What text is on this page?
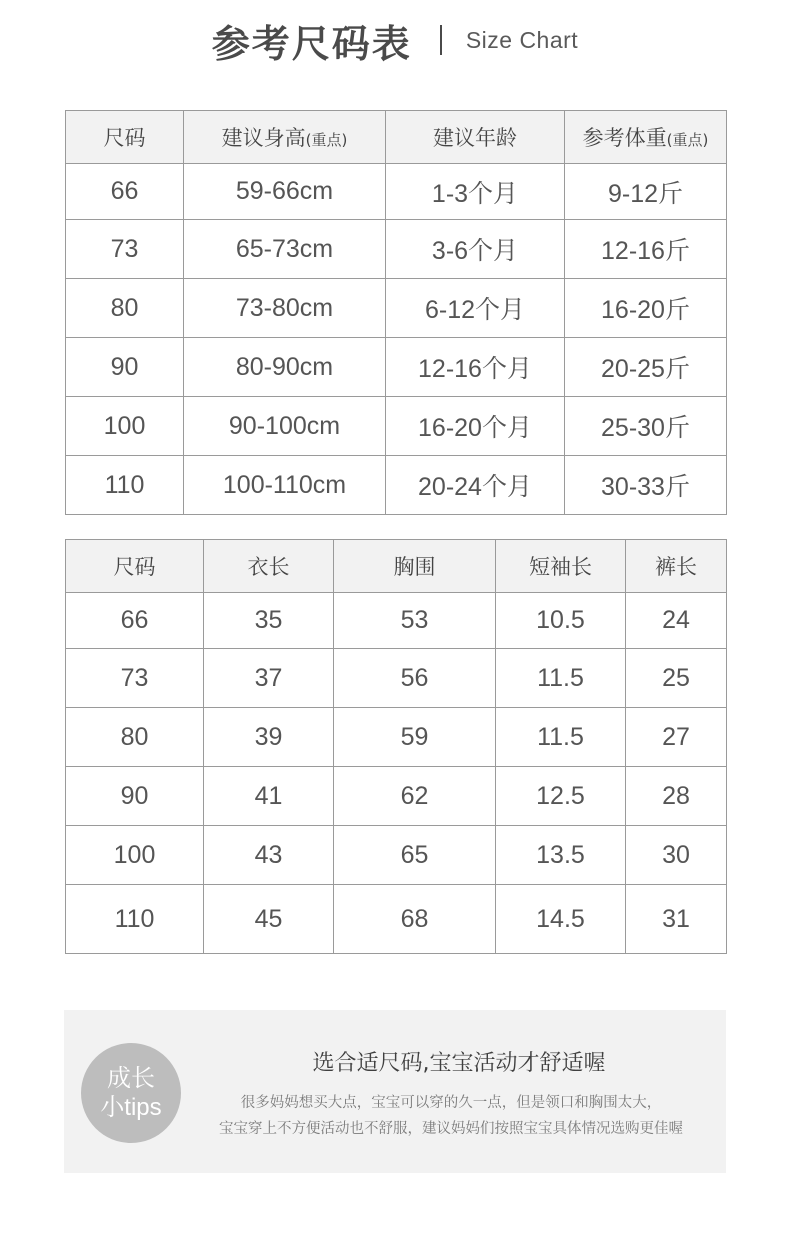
参考尺码表 Size Chart
尺码	建议身高(重点)	建议年龄	参考体重(重点)
66	59-66cm	1-3个月	9-12斤
73	65-73cm	3-6个月	12-16斤
80	73-80cm	6-12个月	16-20斤
90	80-90cm	12-16个月	20-25斤
100	90-100cm	16-20个月	25-30斤
110	100-110cm	20-24个月	30-33斤
尺码	衣长	胸围	短袖长	裤长
66	35	53	10.5	24
73	37	56	11.5	25
80	39	59	11.5	27
90	41	62	12.5	28
100	43	65	13.5	30
110	45	68	14.5	31
成长
小tips
选合适尺码,宝宝活动才舒适喔
很多妈妈想买大点，宝宝可以穿的久一点，但是领口和胸围太大，
宝宝穿上不方便活动也不舒服，建议妈妈们按照宝宝具体情况选购更佳喔
